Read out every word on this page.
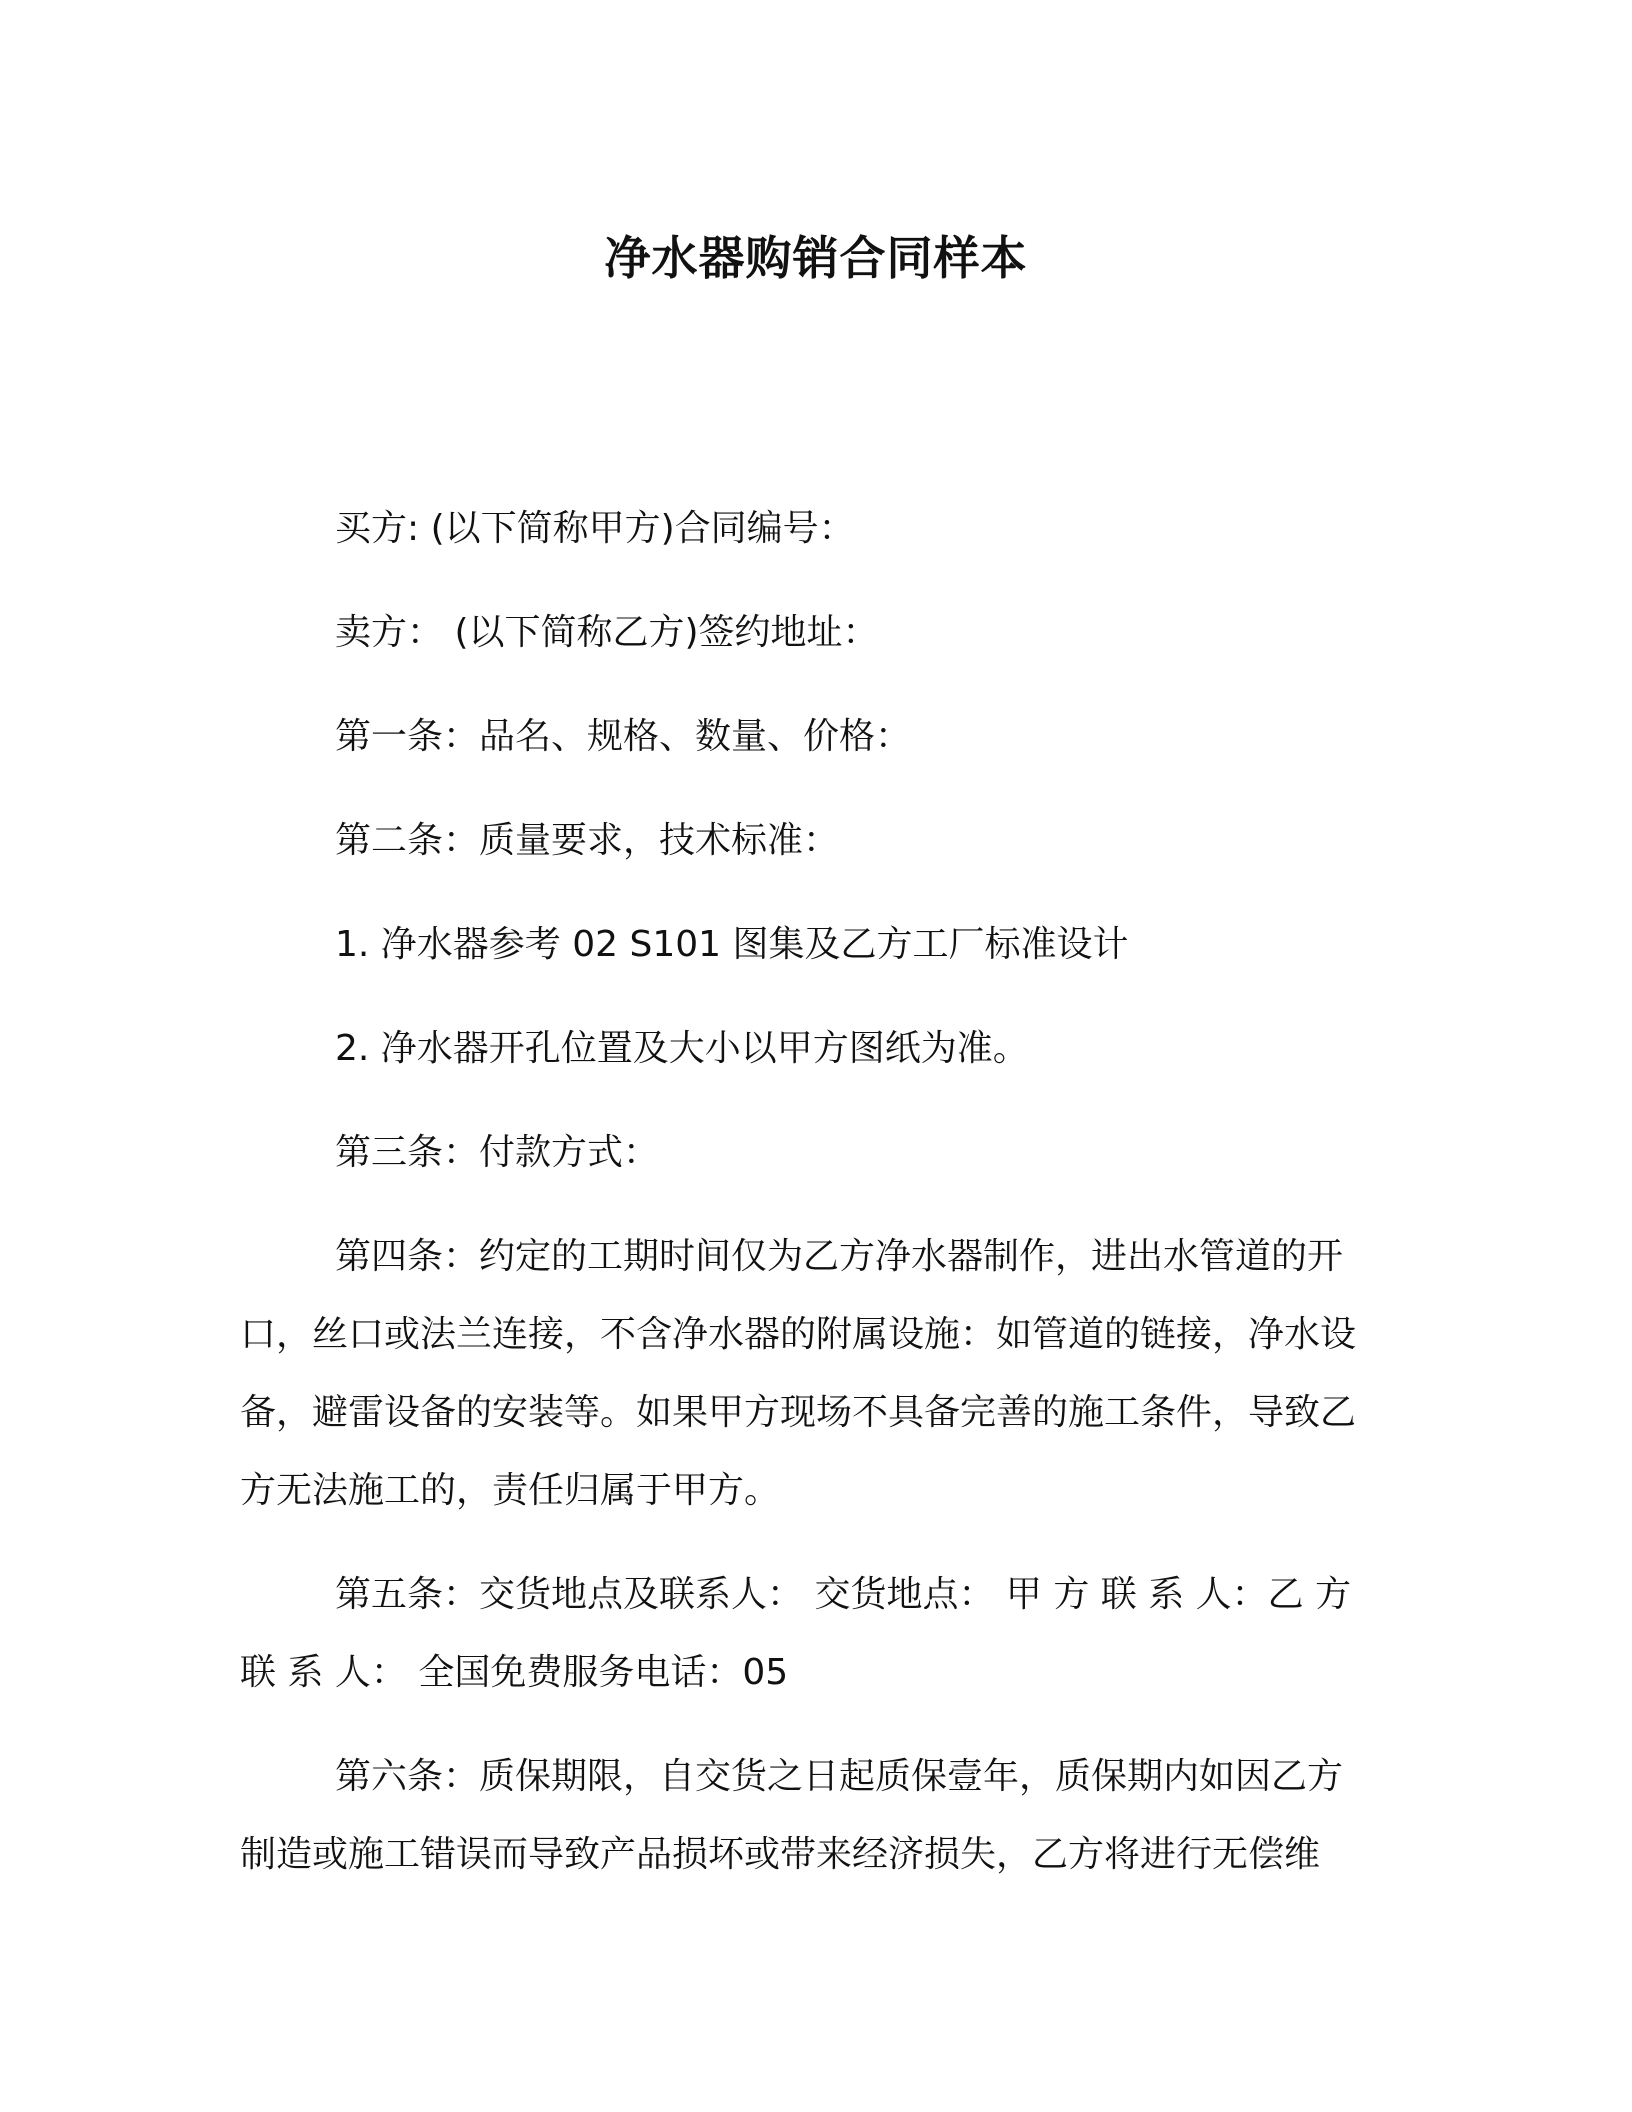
净水器购销合同样本

买方: (以下简称甲方)合同编号：

卖方： (以下简称乙方)签约地址：

第一条：品名、规格、数量、价格：

第二条：质量要求，技术标准：

1. 净水器参考 02 S101 图集及乙方工厂标准设计

2. 净水器开孔位置及大小以甲方图纸为准。

第三条：付款方式：

第四条：约定的工期时间仅为乙方净水器制作，进出水管道的开口，丝口或法兰连接，不含净水器的附属设施：如管道的链接，净水设备，避雷设备的安装等。如果甲方现场不具备完善的施工条件，导致乙方无法施工的，责任归属于甲方。

第五条：交货地点及联系人： 交货地点： 甲 方 联 系 人：乙 方 联 系 人： 全国免费服务电话：05

第六条：质保期限，自交货之日起质保壹年，质保期内如因乙方制造或施工错误而导致产品损坏或带来经济损失，乙方将进行无偿维
